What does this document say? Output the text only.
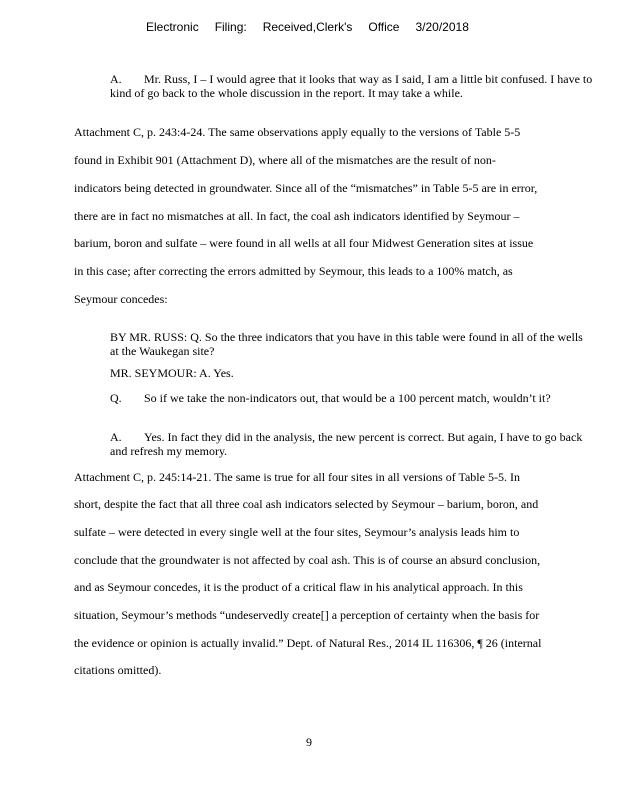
Electronic Filing: Received,Clerk's Office 3/20/2018
A. Mr. Russ, I – I would agree that it looks that way as I said, I am a little bit confused. I have to kind of go back to the whole discussion in the report. It may take a while.
Attachment C, p. 243:4-24. The same observations apply equally to the versions of Table 5-5
found in Exhibit 901 (Attachment D), where all of the mismatches are the result of non-
indicators being detected in groundwater. Since all of the “mismatches” in Table 5-5 are in error,
there are in fact no mismatches at all. In fact, the coal ash indicators identified by Seymour –
barium, boron and sulfate – were found in all wells at all four Midwest Generation sites at issue
in this case; after correcting the errors admitted by Seymour, this leads to a 100% match, as
Seymour concedes:
BY MR. RUSS: Q. So the three indicators that you have in this table were found in all of the wells at the Waukegan site?
MR. SEYMOUR: A. Yes.
Q. So if we take the non-indicators out, that would be a 100 percent match, wouldn’t it?
A. Yes. In fact they did in the analysis, the new percent is correct. But again, I have to go back and refresh my memory.
Attachment C, p. 245:14-21. The same is true for all four sites in all versions of Table 5-5. In
short, despite the fact that all three coal ash indicators selected by Seymour – barium, boron, and
sulfate – were detected in every single well at the four sites, Seymour’s analysis leads him to
conclude that the groundwater is not affected by coal ash. This is of course an absurd conclusion,
and as Seymour concedes, it is the product of a critical flaw in his analytical approach. In this
situation, Seymour’s methods “undeservedly create[] a perception of certainty when the basis for
the evidence or opinion is actually invalid.” Dept. of Natural Res., 2014 IL 116306, ¶ 26 (internal
citations omitted).
9
